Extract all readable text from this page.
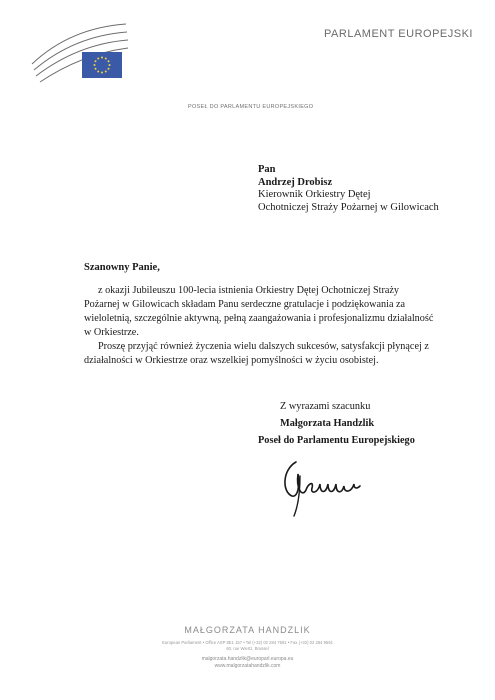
PARLAMENT EUROPEJSKI
POSEŁ DO PARLAMENTU EUROPEJSKIEGO
Pan
Andrzej Drobisz
Kierownik Orkiestry Dętej
Ochotniczej Straży Pożarnej w Gilowicach
Szanowny Panie,

z okazji Jubileuszu 100-lecia istnienia Orkiestry Dętej Ochotniczej Straży Pożarnej w Gilowicach składam Panu serdeczne gratulacje i podziękowania za wieloletnią, szczególnie aktywną, pełną zaangażowania i profesjonalizmu działalność w Orkiestrze.

Proszę przyjąć również życzenia wielu dalszych sukcesów, satysfakcji płynącej z działalności w Orkiestrze oraz wszelkiej pomyślności w życiu osobistej.

Z wyrazami szacunku
Małgorzata Handzlik
Poseł do Parlamentu Europejskiego
MAŁGORZATA HANDZLIK
European Parliament • Office ASP 8E1 157 • Tel (+32) 02 284 7591 • Fax (+32) 02 284 9591
60, rue Wiertz, Brussel
malgorzata.handzlik@europarl.europa.eu
www.malgorzatahandzlik.com
